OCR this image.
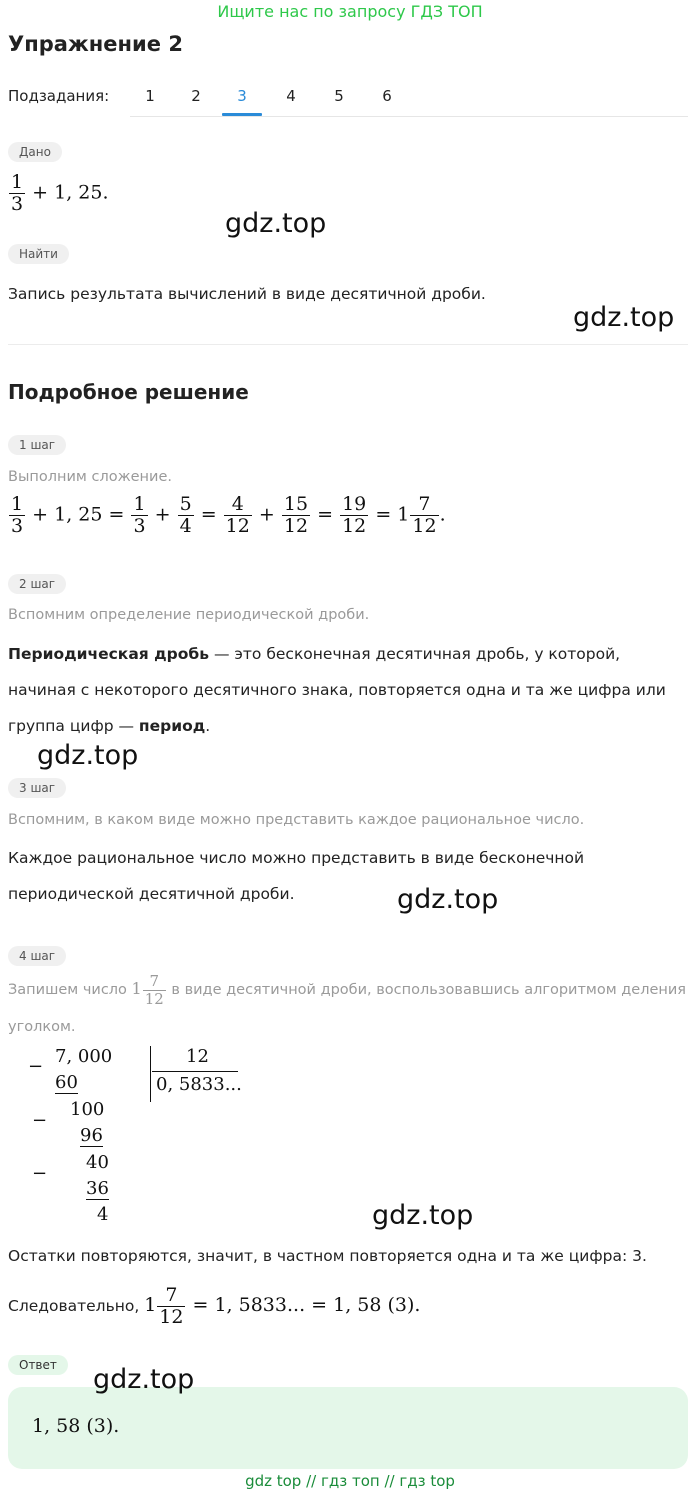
Ищите нас по запросу ГДЗ ТОП
Упражнение 2
Подзадания:	1	2	3	4	5	6
Дано
$\frac{1}{3} + 1$, 25.
gdz.top
Найти
Запись результата вычислений в виде десятичной дроби.
gdz.top
Подробное решение
1 шаг
Выполним сложение.
$\frac{1}{3} + 1$, $25 = \frac{1}{3} + \frac{5}{4} = \frac{4}{12} + \frac{15}{12} = \frac{19}{12} = 1 \frac{7}{12}$ .
2 шаг
Вспомним определение периодической дроби.
Периодическая дробь — это бесконечная десятичная дробь, у которой,
начиная с некоторого десятичного знака, повторяется одна и та же цифра или
группа цифр — период.
gdz.top
3 шаг
Вспомним, в каком виде можно представить каждое рациональное число.
Каждое рациональное число можно представить в виде бесконечной
периодической десятичной дроби.	gdz.top
4 шаг
Запишем число $1 \frac{7}{12}$ в виде десятичной дроби, воспользовавшись алгоритмом деления
уголком.
− 7, 000
60
12
0, 5833...
−
100
96
−
40
36
4	gdz.top
Остатки повторяются, значит, в частном повторяется одна и та же цифра: 3.
Следовательно, $1 \frac{7}{12} = 1$, 5833... = 1, 58 (3).
Ответ
1, 58 (3).
gdz.top
gdz top // гдз топ // гдз top
